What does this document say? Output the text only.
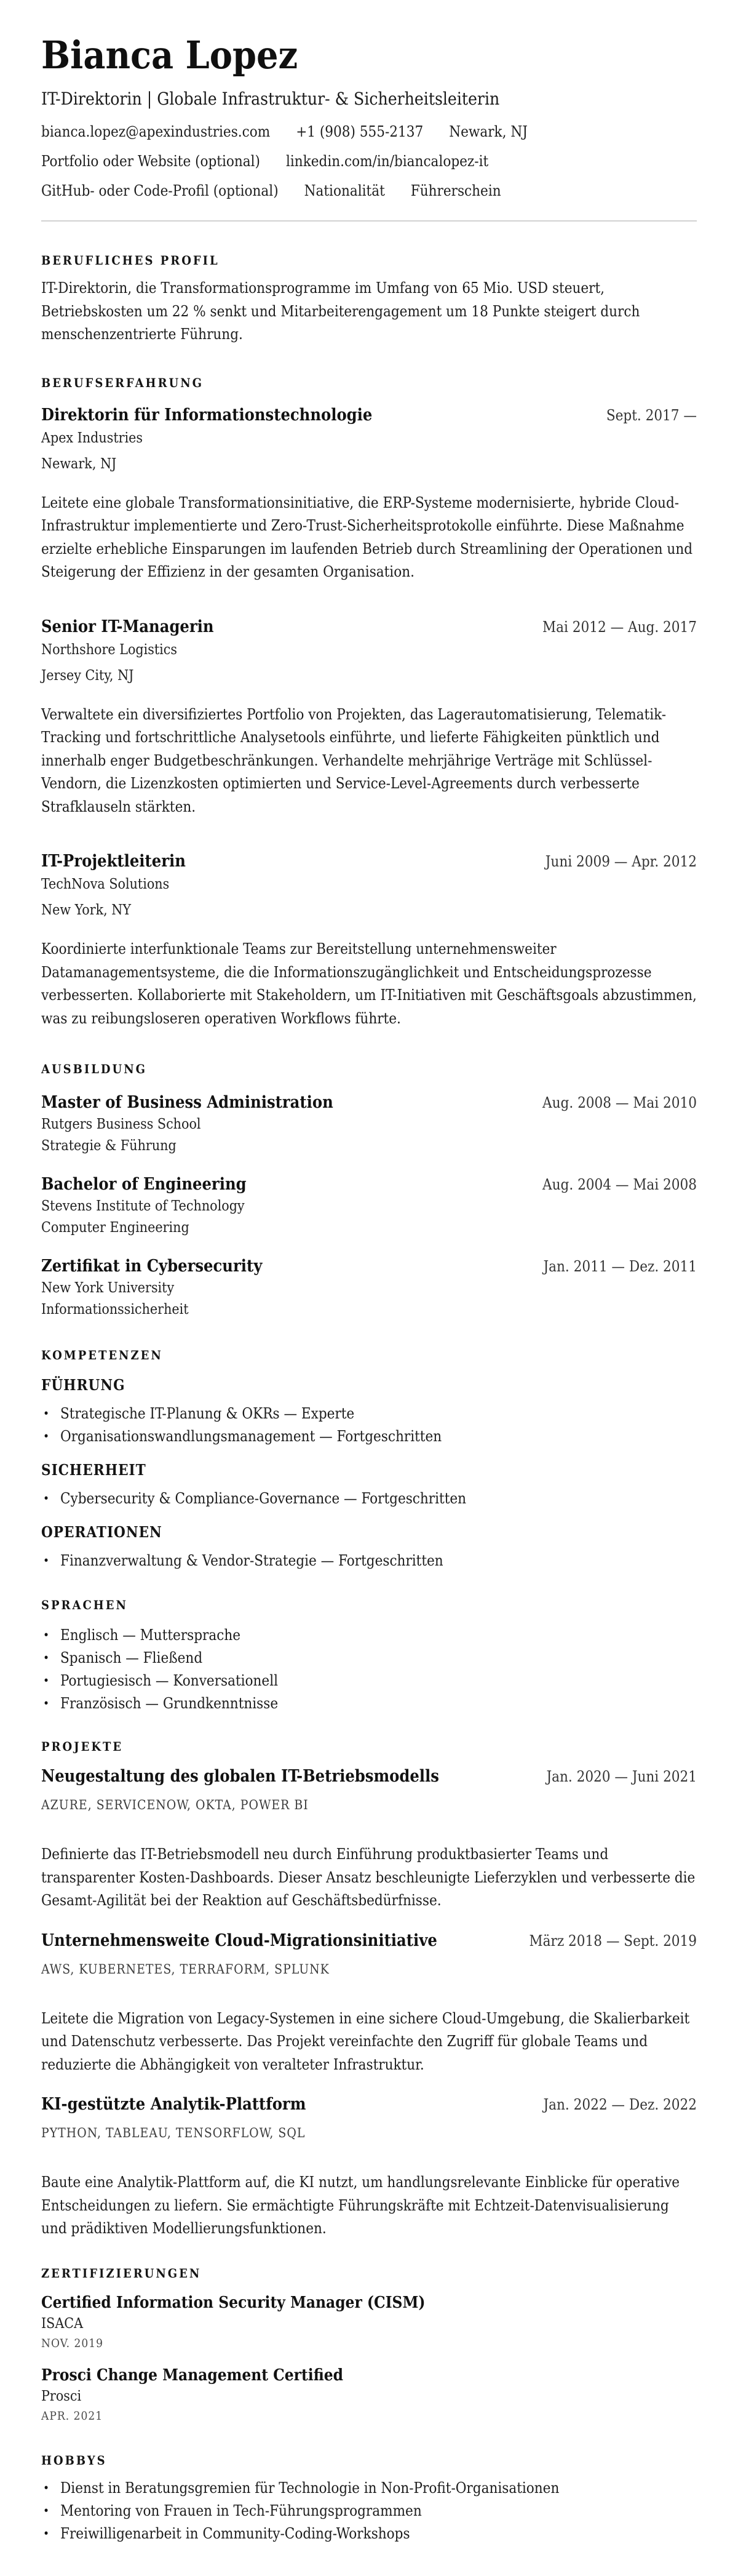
Bianca Lopez
IT-Direktorin | Globale Infrastruktur- & Sicherheitsleiterin
bianca.lopez@apexindustries.com +1 (908) 555-2137 Newark, NJ
Portfolio oder Website (optional) linkedin.com/in/biancalopez-it
GitHub- oder Code-Profil (optional) Nationalität Führerschein
BERUFLICHES PROFIL

IT-Direktorin, die Transformationsprogramme im Umfang von 65 Mio. USD steuert, Betriebskosten um 22 % senkt und Mitarbeiterengagement um 18 Punkte steigert durch menschenzentrierte Führung.

BERUFSERFAHRUNG
Direktorin für Informationstechnologie	Sept. 2017 —
Apex Industries
Newark, NJ

Leitete eine globale Transformationsinitiative, die ERP-Systeme modernisierte, hybride Cloud-Infrastruktur implementierte und Zero-Trust-Sicherheitsprotokolle einführte. Diese Maßnahme erzielte erhebliche Einsparungen im laufenden Betrieb durch Streamlining der Operationen und Steigerung der Effizienz in der gesamten Organisation.

Senior IT-Managerin	Mai 2012 — Aug. 2017
Northshore Logistics
Jersey City, NJ

Verwaltete ein diversifiziertes Portfolio von Projekten, das Lagerautomatisierung, Telematik-Tracking und fortschrittliche Analysetools einführte, und lieferte Fähigkeiten pünktlich und innerhalb enger Budgetbeschränkungen. Verhandelte mehrjährige Verträge mit Schlüssel-Vendorn, die Lizenzkosten optimierten und Service-Level-Agreements durch verbesserte Strafklauseln stärkten.

IT-Projektleiterin	Juni 2009 — Apr. 2012
TechNova Solutions
New York, NY

Koordinierte interfunktionale Teams zur Bereitstellung unternehmensweiter Datamanagementsysteme, die die Informationszugänglichkeit und Entscheidungsprozesse verbesserten. Kollaborierte mit Stakeholdern, um IT-Initiativen mit Geschäftsgoals abzustimmen, was zu reibungsloseren operativen Workflows führte.

AUSBILDUNG
Master of Business Administration	Aug. 2008 — Mai 2010
Rutgers Business School
Strategie & Führung
Bachelor of Engineering	Aug. 2004 — Mai 2008
Stevens Institute of Technology
Computer Engineering
Zertifikat in Cybersecurity	Jan. 2011 — Dez. 2011
New York University
Informationssicherheit
KOMPETENZEN
FÜHRUNG
• Strategische IT-Planung & OKRs — Experte
• Organisationswandlungsmanagement — Fortgeschritten
SICHERHEIT
• Cybersecurity & Compliance-Governance — Fortgeschritten
OPERATIONEN
• Finanzverwaltung & Vendor-Strategie — Fortgeschritten
SPRACHEN
• Englisch — Muttersprache
• Spanisch — Fließend
• Portugiesisch — Konversationell
• Französisch — Grundkenntnisse
PROJEKTE
Neugestaltung des globalen IT-Betriebsmodells	Jan. 2020 — Juni 2021
AZURE, SERVICENOW, OKTA, POWER BI

Definierte das IT-Betriebsmodell neu durch Einführung produktbasierter Teams und transparenter Kosten-Dashboards. Dieser Ansatz beschleunigte Lieferzyklen und verbesserte die Gesamt-Agilität bei der Reaktion auf Geschäftsbedürfnisse.

Unternehmensweite Cloud-Migrationsinitiative	März 2018 — Sept. 2019
AWS, KUBERNETES, TERRAFORM, SPLUNK

Leitete die Migration von Legacy-Systemen in eine sichere Cloud-Umgebung, die Skalierbarkeit und Datenschutz verbesserte. Das Projekt vereinfachte den Zugriff für globale Teams und reduzierte die Abhängigkeit von veralteter Infrastruktur.

KI-gestützte Analytik-Plattform	Jan. 2022 — Dez. 2022
PYTHON, TABLEAU, TENSORFLOW, SQL

Baute eine Analytik-Plattform auf, die KI nutzt, um handlungsrelevante Einblicke für operative Entscheidungen zu liefern. Sie ermächtigte Führungskräfte mit Echtzeit-Datenvisualisierung und prädiktiven Modellierungsfunktionen.

ZERTIFIZIERUNGEN
Certified Information Security Manager (CISM)
ISACA
NOV. 2019
Prosci Change Management Certified
Prosci
APR. 2021
HOBBYS
• Dienst in Beratungsgremien für Technologie in Non-Profit-Organisationen
• Mentoring von Frauen in Tech-Führungsprogrammen
• Freiwilligenarbeit in Community-Coding-Workshops
